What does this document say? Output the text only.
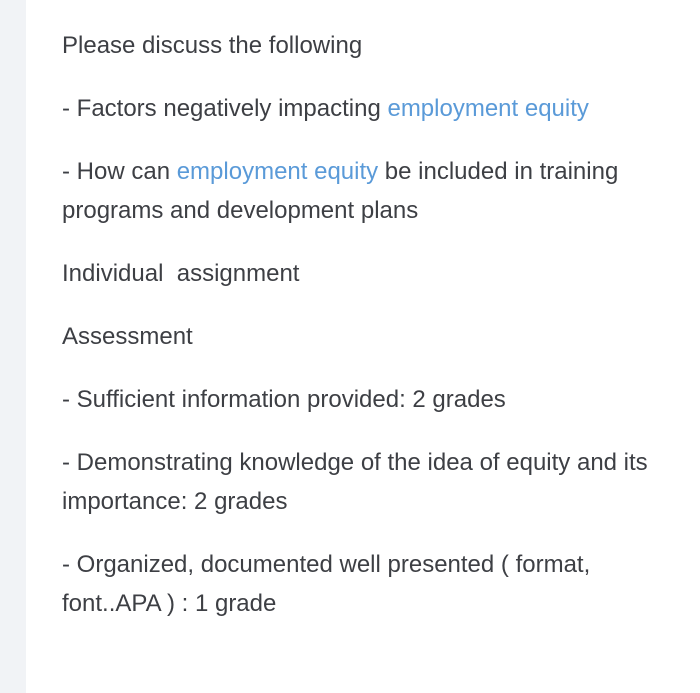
Please discuss the following

- Factors negatively impacting employment equity

- How can employment equity be included in training programs and development plans

Individual  assignment

Assessment

- Sufficient information provided: 2 grades

- Demonstrating knowledge of the idea of equity and its importance: 2 grades

- Organized, documented well presented ( format, font..APA ) : 1 grade
